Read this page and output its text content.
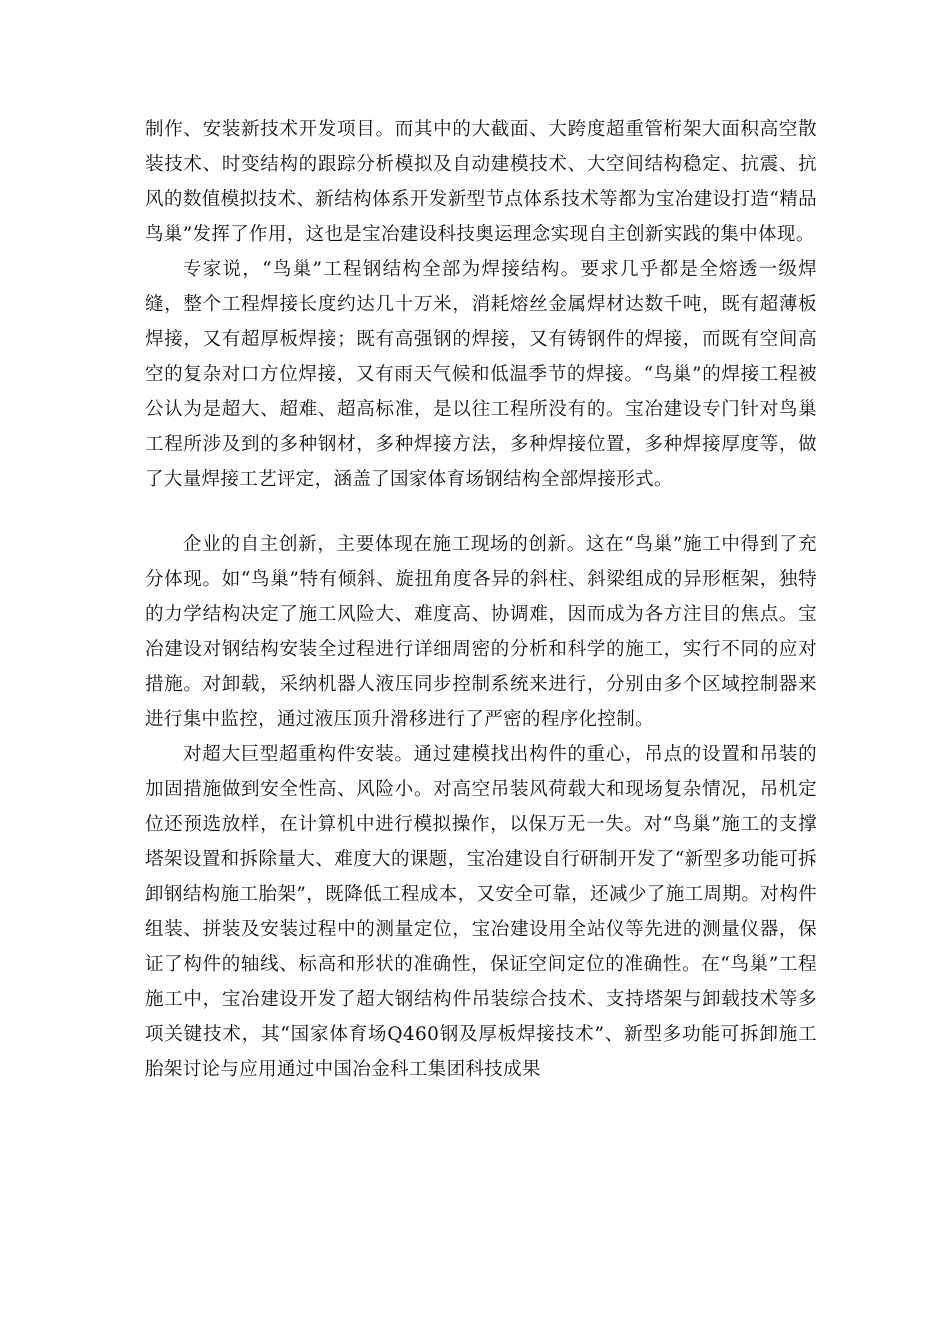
制作、安装新技术开发项目。而其中的大截面、大跨度超重管桁架大面积高空散装技术、时变结构的跟踪分析模拟及自动建模技术、大空间结构稳定、抗震、抗风的数值模拟技术、新结构体系开发新型节点体系技术等都为宝冶建设打造“精品鸟巢”发挥了作用，这也是宝冶建设科技奥运理念实现自主创新实践的集中体现。

专家说，“鸟巢”工程钢结构全部为焊接结构。要求几乎都是全熔透一级焊缝，整个工程焊接长度约达几十万米，消耗熔丝金属焊材达数千吨，既有超薄板焊接，又有超厚板焊接；既有高强钢的焊接，又有铸钢件的焊接，而既有空间高空的复杂对口方位焊接，又有雨天气候和低温季节的焊接。“鸟巢”的焊接工程被公认为是超大、超难、超高标准，是以往工程所没有的。宝冶建设专门针对鸟巢工程所涉及到的多种钢材，多种焊接方法，多种焊接位置，多种焊接厚度等，做了大量焊接工艺评定，涵盖了国家体育场钢结构全部焊接形式。

企业的自主创新，主要体现在施工现场的创新。这在“鸟巢”施工中得到了充分体现。如“鸟巢”特有倾斜、旋扭角度各异的斜柱、斜梁组成的异形框架，独特的力学结构决定了施工风险大、难度高、协调难，因而成为各方注目的焦点。宝冶建设对钢结构安装全过程进行详细周密的分析和科学的施工，实行不同的应对措施。对卸载，采纳机器人液压同步控制系统来进行，分别由多个区域控制器来进行集中监控，通过液压顶升滑移进行了严密的程序化控制。

对超大巨型超重构件安装。通过建模找出构件的重心，吊点的设置和吊装的加固措施做到安全性高、风险小。对高空吊装风荷载大和现场复杂情况，吊机定位还预选放样，在计算机中进行模拟操作，以保万无一失。对“鸟巢”施工的支撑塔架设置和拆除量大、难度大的课题，宝冶建设自行研制开发了“新型多功能可拆卸钢结构施工胎架”，既降低工程成本，又安全可靠，还减少了施工周期。对构件组装、拼装及安装过程中的测量定位，宝冶建设用全站仪等先进的测量仪器，保证了构件的轴线、标高和形状的准确性，保证空间定位的准确性。在“鸟巢”工程施工中，宝冶建设开发了超大钢结构件吊装综合技术、支持塔架与卸载技术等多项关键技术，其“国家体育场Q460钢及厚板焊接技术”、新型多功能可拆卸施工胎架讨论与应用通过中国冶金科工集团科技成果
